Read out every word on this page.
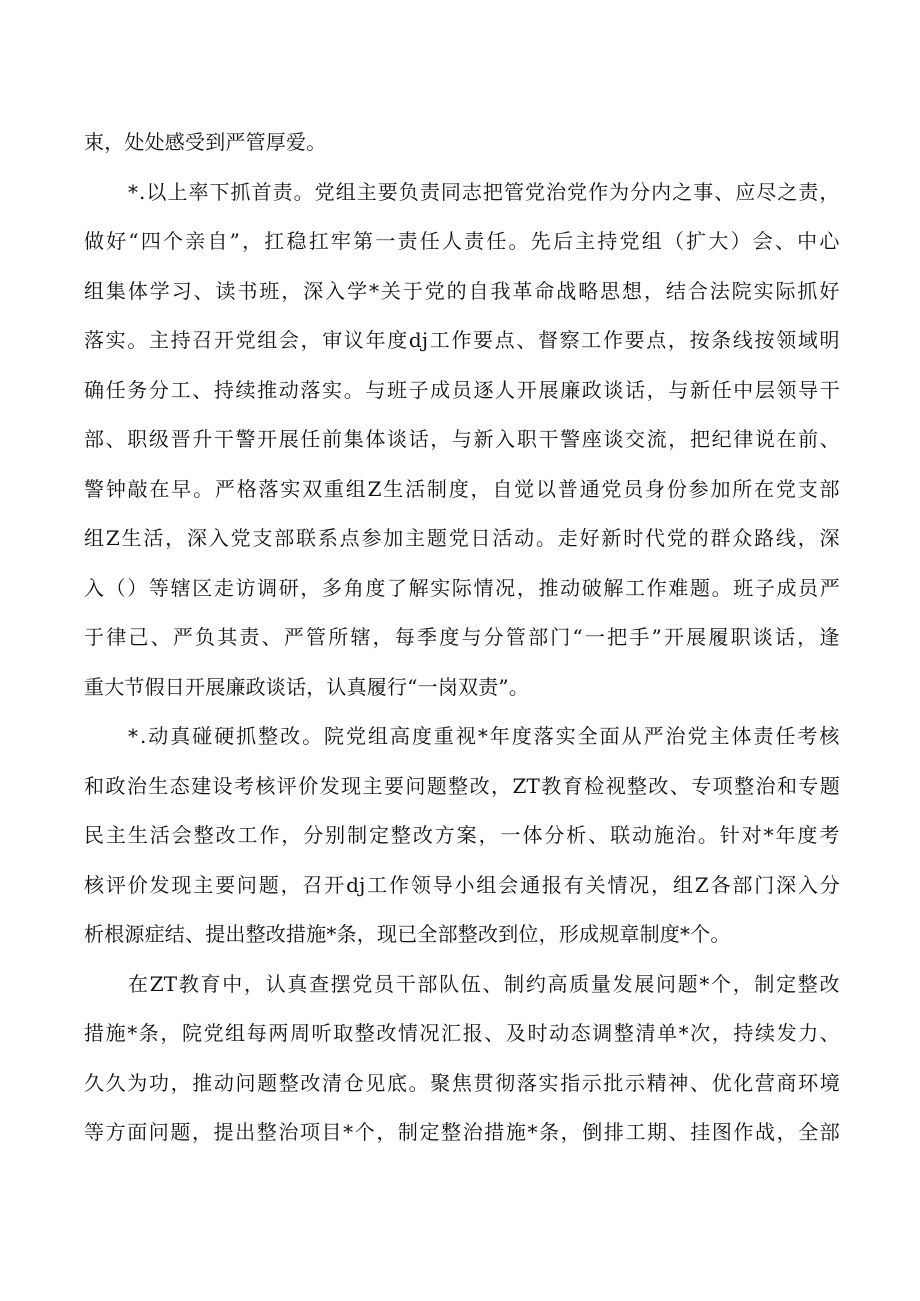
束，处处感受到严管厚爱。
* . 以 上 率 下 抓 首 责 。 党 组 主 要 负 责 同 志 把 管 党 治 党 作 为 分 内 之 事 、 应 尽 之 责 ，
做 好 “ 四 个 亲 自 ” ， 扛 稳 扛 牢 第 一 责 任 人 责 任 。 先 后 主 持 党 组 （ 扩 大 ） 会 、 中 心
组 集 体 学 习 、 读 书 班 ， 深 入 学 * 关 于 党 的 自 我 革 命 战 略 思 想 ， 结 合 法 院 实 际 抓 好
落 实 。 主 持 召 开 党 组 会 ， 审 议 年 度 dj 工 作 要 点 、 督 察 工 作 要 点 ， 按 条 线 按 领 域 明
确 任 务 分 工 、 持 续 推 动 落 实 。 与 班 子 成 员 逐 人 开 展 廉 政 谈 话 ， 与 新 任 中 层 领 导 干
部 、 职 级 晋 升 干 警 开 展 任 前 集 体 谈 话 ， 与 新 入 职 干 警 座 谈 交 流 ， 把 纪 律 说 在 前 、
警 钟 敲 在 早 。 严 格 落 实 双 重 组 Z 生 活 制 度 ， 自 觉 以 普 通 党 员 身 份 参 加 所 在 党 支 部
组 Z 生 活 ， 深 入 党 支 部 联 系 点 参 加 主 题 党 日 活 动 。 走 好 新 时 代 党 的 群 众 路 线 ， 深
入 （ ） 等 辖 区 走 访 调 研 ， 多 角 度 了 解 实 际 情 况 ， 推 动 破 解 工 作 难 题 。 班 子 成 员 严
于 律 己 、 严 负 其 责 、 严 管 所 辖 ， 每 季 度 与 分 管 部 门 “ 一 把 手 ” 开 展 履 职 谈 话 ， 逢
重大节假日开展廉政谈话，认真履行“一岗双责”。
* . 动 真 碰 硬 抓 整 改 。 院 党 组 高 度 重 视 * 年 度 落 实 全 面 从 严 治 党 主 体 责 任 考 核
和 政 治 生 态 建 设 考 核 评 价 发 现 主 要 问 题 整 改 ， ZT 教 育 检 视 整 改 、 专 项 整 治 和 专 题
民 主 生 活 会 整 改 工 作 ， 分 别 制 定 整 改 方 案 ， 一 体 分 析 、 联 动 施 治 。 针 对 * 年 度 考
核 评 价 发 现 主 要 问 题 ， 召 开 dj 工 作 领 导 小 组 会 通 报 有 关 情 况 ， 组 Z 各 部 门 深 入 分
析根源症结、提出整改措施*条，现已全部整改到位，形成规章制度*个。
在 ZT 教 育 中 ， 认 真 查 摆 党 员 干 部 队 伍 、 制 约 高 质 量 发 展 问 题 * 个 ， 制 定 整 改
措 施 * 条 ， 院 党 组 每 两 周 听 取 整 改 情 况 汇 报 、 及 时 动 态 调 整 清 单 * 次 ， 持 续 发 力 、
久 久 为 功 ， 推 动 问 题 整 改 清 仓 见 底 。 聚 焦 贯 彻 落 实 指 示 批 示 精 神 、 优 化 营 商 环 境
等 方 面 问 题 ， 提 出 整 治 项 目 * 个 ， 制 定 整 治 措 施 * 条 ， 倒 排 工 期 、 挂 图 作 战 ， 全 部
